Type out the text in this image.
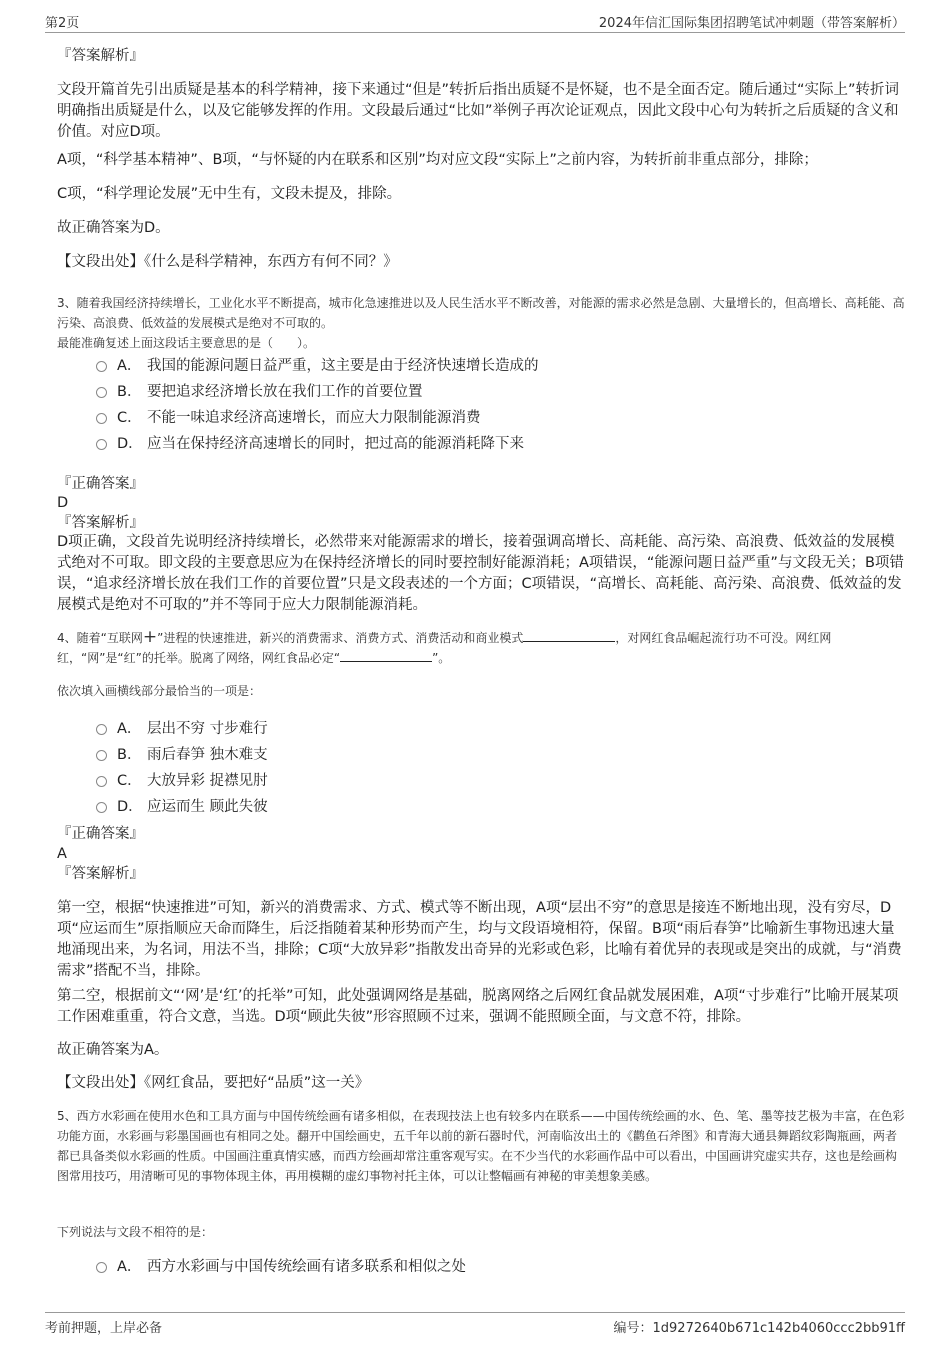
第2页	2024年信汇国际集团招聘笔试冲刺题（带答案解析）
『答案解析』
文段开篇首先引出质疑是基本的科学精神，接下来通过“但是”转折后指出质疑不是怀疑，也不是全面否定。随后通过“实际上”转折词明确指出质疑是什么，以及它能够发挥的作用。文段最后通过“比如”举例子再次论证观点，因此文段中心句为转折之后质疑的含义和价值。对应D项。
A项，“科学基本精神”、B项，“与怀疑的内在联系和区别”均对应文段“实际上”之前内容，为转折前非重点部分，排除；
C项，“科学理论发展”无中生有，文段未提及，排除。
故正确答案为D。
【文段出处】《什么是科学精神，东西方有何不同？》
3、随着我国经济持续增长，工业化水平不断提高，城市化急速推进以及人民生活水平不断改善，对能源的需求必然是急剧、大量增长的，但高增长、高耗能、高污染、高浪费、低效益的发展模式是绝对不可取的。
最能准确复述上面这段话主要意思的是（　　）。
A． 我国的能源问题日益严重，这主要是由于经济快速增长造成的
B． 要把追求经济增长放在我们工作的首要位置
C． 不能一味追求经济高速增长，而应大力限制能源消费
D． 应当在保持经济高速增长的同时，把过高的能源消耗降下来
『正确答案』
D
『答案解析』
D项正确，文段首先说明经济持续增长，必然带来对能源需求的增长，接着强调高增长、高耗能、高污染、高浪费、低效益的发展模式绝对不可取。即文段的主要意思应为在保持经济增长的同时要控制好能源消耗；A项错误，“能源问题日益严重”与文段无关；B项错误，“追求经济增长放在我们工作的首要位置”只是文段表述的一个方面；C项错误，“高增长、高耗能、高污染、高浪费、低效益的发展模式是绝对不可取的”并不等同于应大力限制能源消耗。
4、随着“互联网+”进程的快速推进，新兴的消费需求、消费方式、消费活动和商业模式	，对网红食品崛起流行功不可没。网红网红，“网”是“红”的托举。脱离了网络，网红食品必定“	”。
依次填入画横线部分最恰当的一项是：
A． 层出不穷 寸步难行
B． 雨后春笋 独木难支
C． 大放异彩 捉襟见肘
D． 应运而生 顾此失彼
『正确答案』
A
『答案解析』
第一空，根据“快速推进”可知，新兴的消费需求、方式、模式等不断出现，A项“层出不穷”的意思是接连不断地出现，没有穷尽，D项“应运而生”原指顺应天命而降生，后泛指随着某种形势而产生，均与文段语境相符，保留。B项“雨后春笋”比喻新生事物迅速大量地涌现出来，为名词，用法不当，排除；C项“大放异彩”指散发出奇异的光彩或色彩，比喻有着优异的表现或是突出的成就，与“消费需求”搭配不当，排除。
第二空，根据前文“‘网’是‘红’的托举”可知，此处强调网络是基础，脱离网络之后网红食品就发展困难，A项“寸步难行”比喻开展某项工作困难重重，符合文意，当选。D项“顾此失彼”形容照顾不过来，强调不能照顾全面，与文意不符，排除。
故正确答案为A。
【文段出处】《网红食品，要把好“品质”这一关》
5、西方水彩画在使用水色和工具方面与中国传统绘画有诸多相似，在表现技法上也有较多内在联系——中国传统绘画的水、色、笔、墨等技艺极为丰富，在色彩功能方面，水彩画与彩墨国画也有相同之处。翻开中国绘画史，五千年以前的新石器时代，河南临汝出土的《鹳鱼石斧图》和青海大通县舞蹈纹彩陶瓶画，两者都已具备类似水彩画的性质。中国画注重真情实感，而西方绘画却常注重客观写实。在不少当代的水彩画作品中可以看出，中国画讲究虚实共存，这也是绘画构图常用技巧，用清晰可见的事物体现主体，再用模糊的虚幻事物衬托主体，可以让整幅画有神秘的审美想象美感。
下列说法与文段不相符的是：
A． 西方水彩画与中国传统绘画有诸多联系和相似之处
考前押题，上岸必备	编号：1d9272640b671c142b4060ccc2bb91ff
